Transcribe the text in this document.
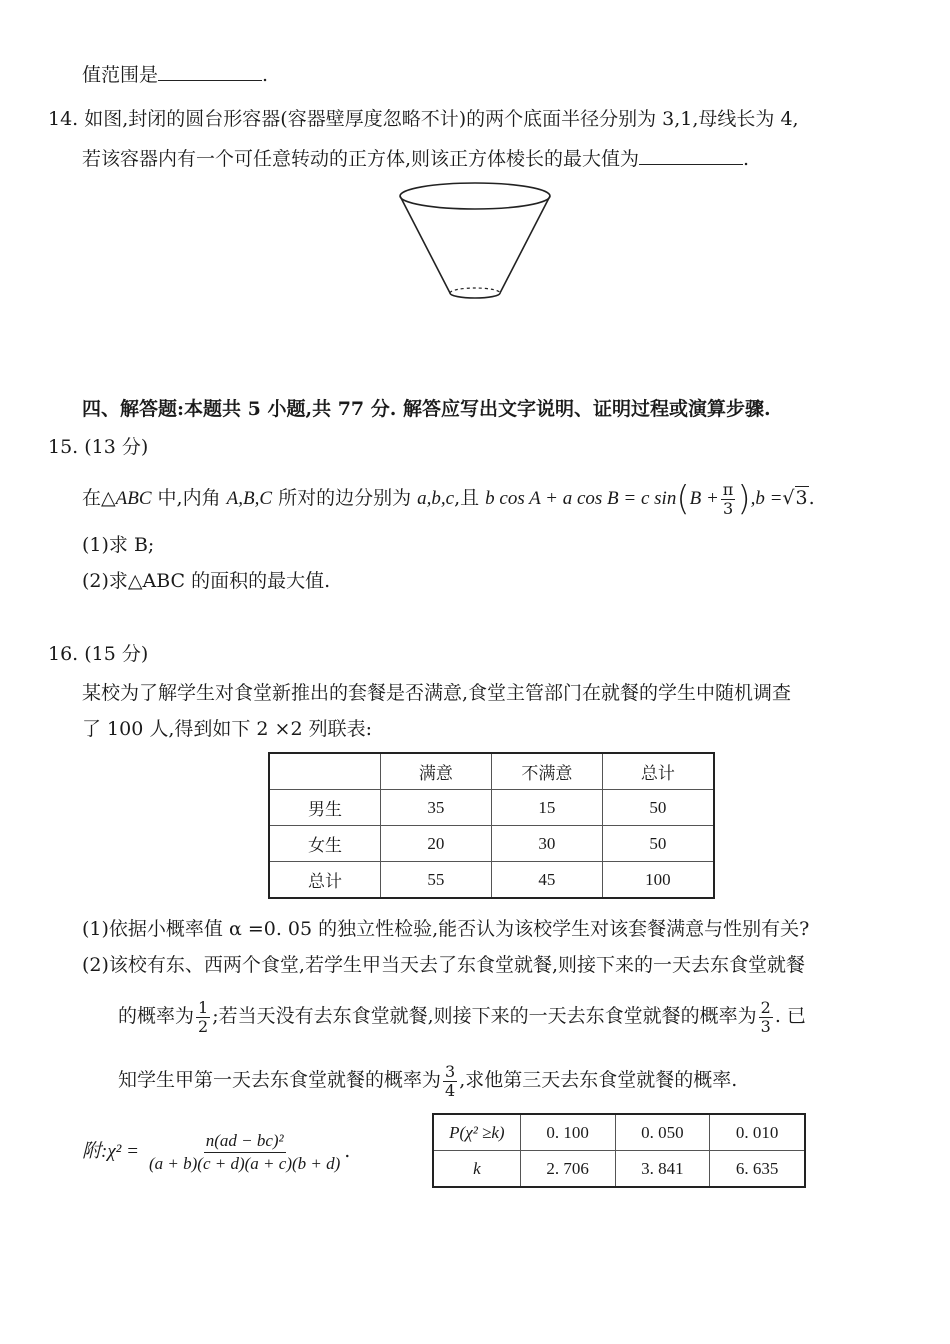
值范围是	.
14. 如图,封闭的圆台形容器(容器壁厚度忽略不计)的两个底面半径分别为 3,1,母线长为 4,
若该容器内有一个可任意转动的正方体,则该正方体棱长的最大值为	.
四、解答题:本题共 5 小题,共 77 分. 解答应写出文字说明、证明过程或演算步骤.
15. (13 分)
在△ABC 中,内角 A,B,C 所对的边分别为 a,b,c,且 b cos A + a cos B = c $\sin(B + \frac{\pi}{3} ),b =√3$.
(1)求 B;
(2)求△ABC 的面积的最大值.
16. (15 分)
某校为了解学生对食堂新推出的套餐是否满意,食堂主管部门在就餐的学生中随机调查
了 100 人,得到如下 2 ×2 列联表:
	满意	不满意	总计
男生	35	15	50
女生	20	30	50
总计	55	45	100
(1)依据小概率值 α =0. 05 的独立性检验,能否认为该校学生对该套餐满意与性别有关?
(2)该校有东、西两个食堂,若学生甲当天去了东食堂就餐,则接下来的一天去东食堂就餐
的概率为 $\frac{1}{2}$ ;若当天没有去东食堂就餐,则接下来的一天去东食堂就餐的概率为 $\frac{2}{3}$ . 已
知学生甲第一天去东食堂就餐的概率为 $\frac{3}{4}$ ,求他第三天去东食堂就餐的概率.
附:χ² = $\frac{\text{n(ad − bc)²}}{(a + b)(c + d)(a + c)(b + d)}$ .
P(χ² ≥k)	0. 100	0. 050	0. 010
k	2. 706	3. 841	6. 635
